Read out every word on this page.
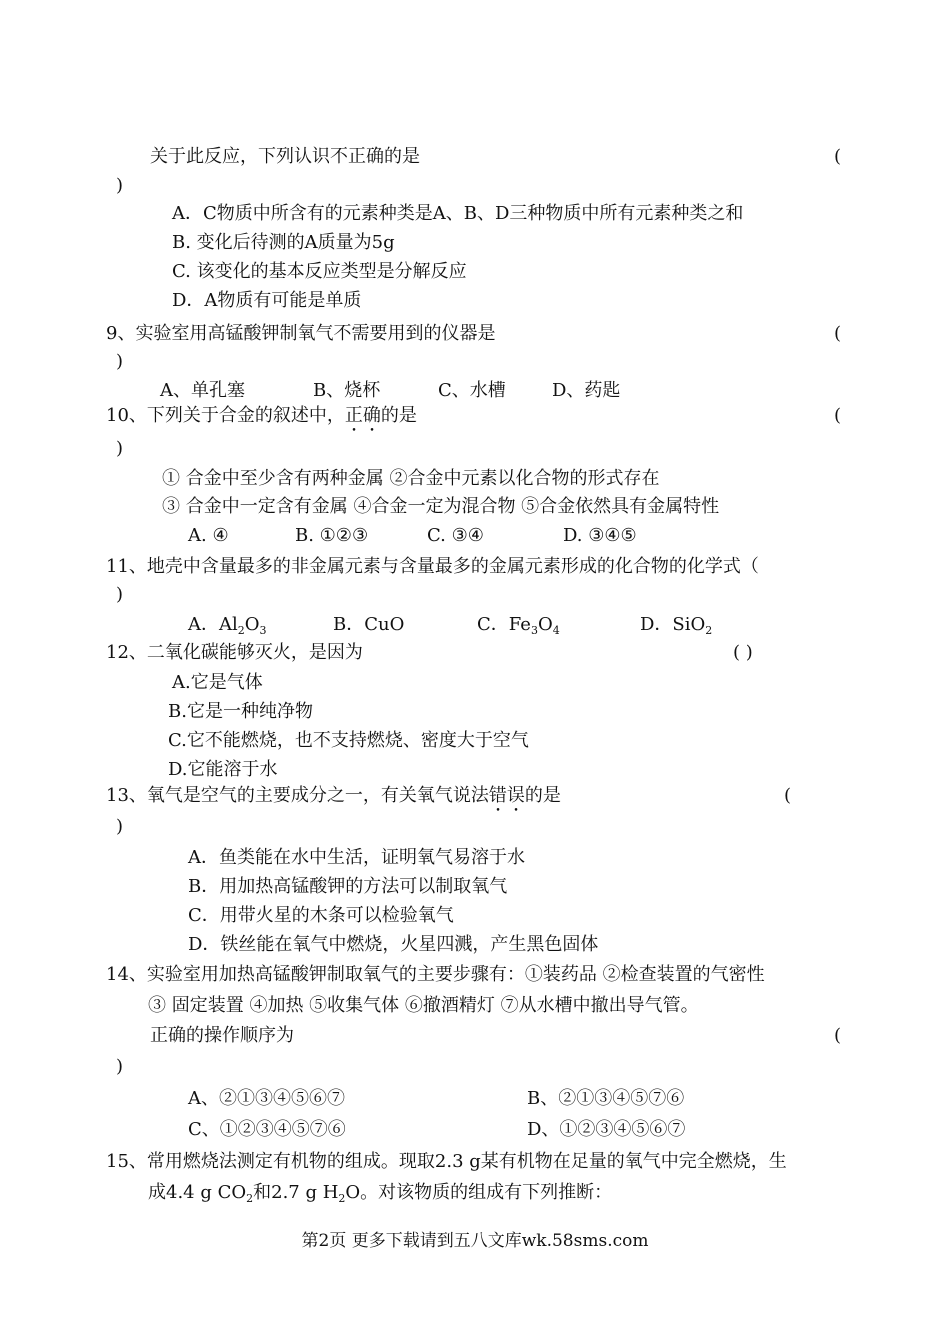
关于此反应，下列认识不正确的是	(
)
A．C物质中所含有的元素种类是A、B、D三种物质中所有元素种类之和
B. 变化后待测的A质量为5g
C. 该变化的基本反应类型是分解反应
D．A物质有可能是单质
9、实验室用高锰酸钾制氧气不需要用到的仪器是	(
)
A、单孔塞	B、烧杯	C、水槽	D、药匙
10、下列关于合金的叙述中，正确的是	(
)
① 合金中至少含有两种金属 ②合金中元素以化合物的形式存在
③ 合金中一定含有金属 ④合金一定为混合物 ⑤合金依然具有金属特性
A. ④	B. ①②③	C. ③④	D. ③④⑤
11、地壳中含量最多的非金属元素与含量最多的金属元素形成的化合物的化学式（
)
A．$Al_2O_3$	B．CuO	C．$Fe_3O_4$	D．SiO$_2$
12、二氧化碳能够灭火，是因为	( )
A.它是气体
B.它是一种纯净物
C.它不能燃烧，也不支持燃烧、密度大于空气
D.它能溶于水
13、氧气是空气的主要成分之一，有关氧气说法错误的是	(
)
A．鱼类能在水中生活，证明氧气易溶于水
B．用加热高锰酸钾的方法可以制取氧气
C．用带火星的木条可以检验氧气
D．铁丝能在氧气中燃烧，火星四溅，产生黑色固体
14、实验室用加热高锰酸钾制取氧气的主要步骤有：①装药品 ②检查装置的气密性
③ 固定装置 ④加热 ⑤收集气体 ⑥撤酒精灯 ⑦从水槽中撤出导气管。
正确的操作顺序为	(
)
A、②①③④⑤⑥⑦	B、②①③④⑤⑦⑥
C、①②③④⑤⑦⑥	D、①②③④⑤⑥⑦
15、常用燃烧法测定有机物的组成。现取2.3 g某有机物在足量的氧气中完全燃烧，生
成4.4 g $CO_2$和2.7 g $H_2O$。对该物质的组成有下列推断：
第2页 更多下载请到五八文库wk.58sms.com
